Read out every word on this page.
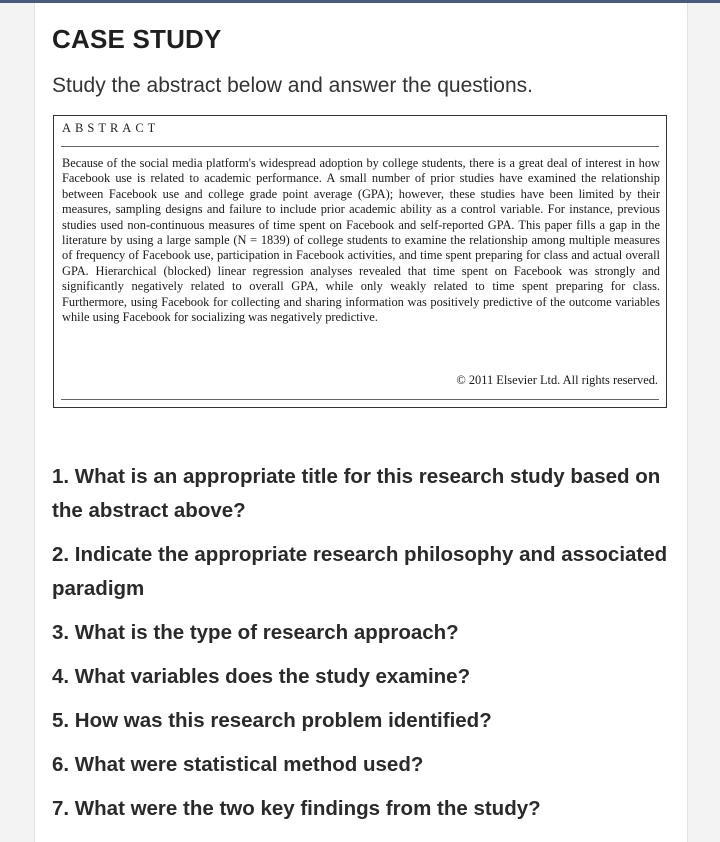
CASE STUDY
Study the abstract below and answer the questions.
ABSTRACT

Because of the social media platform's widespread adoption by college students, there is a great deal of interest in how Facebook use is related to academic performance. A small number of prior studies have examined the relationship between Facebook use and college grade point average (GPA); however, these studies have been limited by their measures, sampling designs and failure to include prior academic ability as a control variable. For instance, previous studies used non-continuous measures of time spent on Facebook and self-reported GPA. This paper fills a gap in the literature by using a large sample (N = 1839) of college students to examine the relationship among multiple measures of frequency of Facebook use, participation in Facebook activities, and time spent preparing for class and actual overall GPA. Hierarchical (blocked) linear regression analyses revealed that time spent on Facebook was strongly and significantly negatively related to overall GPA, while only weakly related to time spent preparing for class. Furthermore, using Facebook for collecting and sharing information was positively predictive of the outcome variables while using Facebook for socializing was negatively predictive.

© 2011 Elsevier Ltd. All rights reserved.
1. What is an appropriate title for this research study based on the abstract above?
2. Indicate the appropriate research philosophy and associated paradigm
3. What is the type of research approach?
4. What variables does the study examine?
5. How was this research problem identified?
6. What were statistical method used?
7. What were the two key findings from the study?
